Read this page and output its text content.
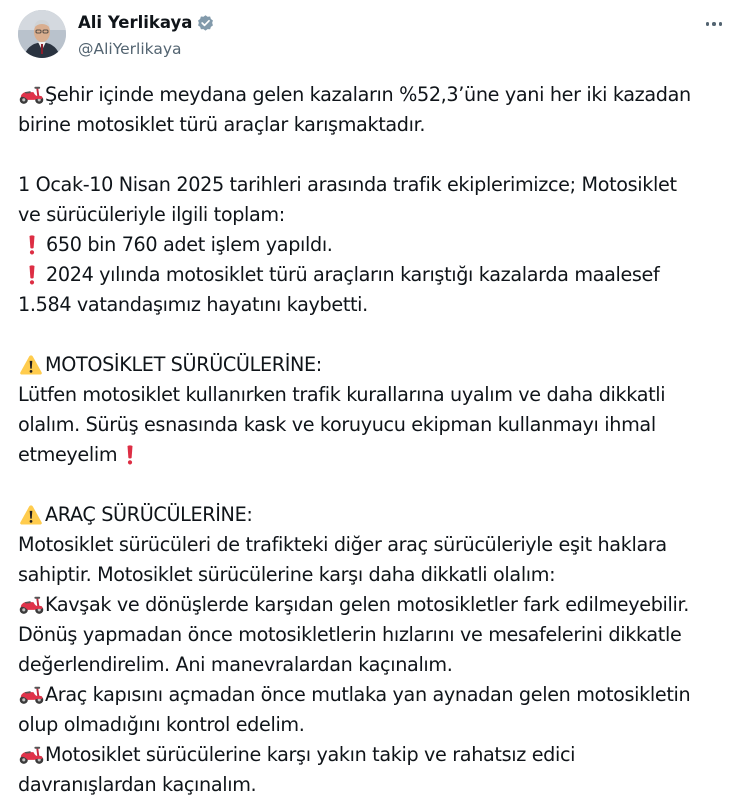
Ali Yerlikaya
@AliYerlikaya
Şehir içinde meydana gelen kazaların %52,3’üne yani her iki kazadan
birine motosiklet türü araçlar karışmaktadır.
1 Ocak-10 Nisan 2025 tarihleri arasında trafik ekiplerimizce; Motosiklet
ve sürücüleriyle ilgili toplam:
650 bin 760 adet işlem yapıldı.
2024 yılında motosiklet türü araçların karıştığı kazalarda maalesef
1.584 vatandaşımız hayatını kaybetti.
MOTOSİKLET SÜRÜCÜLERİNE:
Lütfen motosiklet kullanırken trafik kurallarına uyalım ve daha dikkatli
olalım. Sürüş esnasında kask ve koruyucu ekipman kullanmayı ihmal
etmeyelim
ARAÇ SÜRÜCÜLERİNE:
Motosiklet sürücüleri de trafikteki diğer araç sürücüleriyle eşit haklara
sahiptir. Motosiklet sürücülerine karşı daha dikkatli olalım:
Kavşak ve dönüşlerde karşıdan gelen motosikletler fark edilmeyebilir.
Dönüş yapmadan önce motosikletlerin hızlarını ve mesafelerini dikkatle
değerlendirelim. Ani manevralardan kaçınalım.
Araç kapısını açmadan önce mutlaka yan aynadan gelen motosikletin
olup olmadığını kontrol edelim.
Motosiklet sürücülerine karşı yakın takip ve rahatsız edici
davranışlardan kaçınalım.
